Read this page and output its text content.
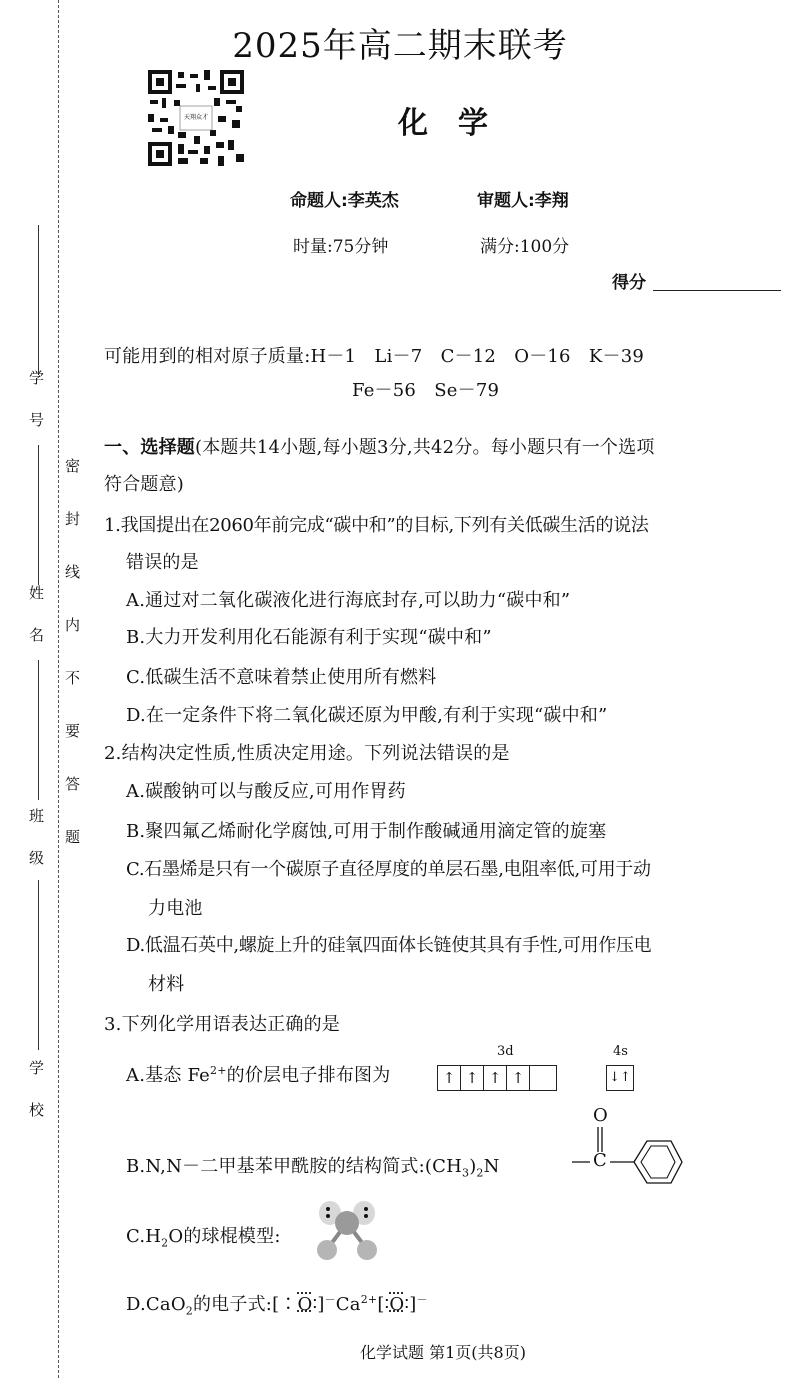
学　号
姓　名
班　级
学　校
密封线内不要答题
2025年高二期末联考
天翔众才	化　学
命题人:李英杰	审题人:李翔
时量:75分钟	满分:100分
得分
可能用到的相对原子质量:H－1　Li－7　C－12　O－16　K－39
Fe－56　Se－79
一、选择题(本题共14小题,每小题3分,共42分。每小题只有一个选项
符合题意)
1.我国提出在2060年前完成“碳中和”的目标,下列有关低碳生活的说法
错误的是
A.通过对二氧化碳液化进行海底封存,可以助力“碳中和”
B.大力开发利用化石能源有利于实现“碳中和”
C.低碳生活不意味着禁止使用所有燃料
D.在一定条件下将二氧化碳还原为甲酸,有利于实现“碳中和”
2.结构决定性质,性质决定用途。下列说法错误的是
A.碳酸钠可以与酸反应,可用作胃药
B.聚四氟乙烯耐化学腐蚀,可用于制作酸碱通用滴定管的旋塞
C.石墨烯是只有一个碳原子直径厚度的单层石墨,电阻率低,可用于动
力电池
D.低温石英中,螺旋上升的硅氧四面体长链使其具有手性,可用作压电
材料
3.下列化学用语表达正确的是
A.基态 $Fe^{2+}$的价层电子排布图为
3d	4s
↑ ↑ ↑ ↑	↓↑
B.N,N－二甲基苯甲酰胺的结构简式$:(CH_3)_2N$
O
C
$C.H_2O$的球棍模型:
D.CaO$_2$的电子式$:[∶O∶]^-Ca^{2+}[∶O∶]^-$
化学试题 第1页(共8页)
